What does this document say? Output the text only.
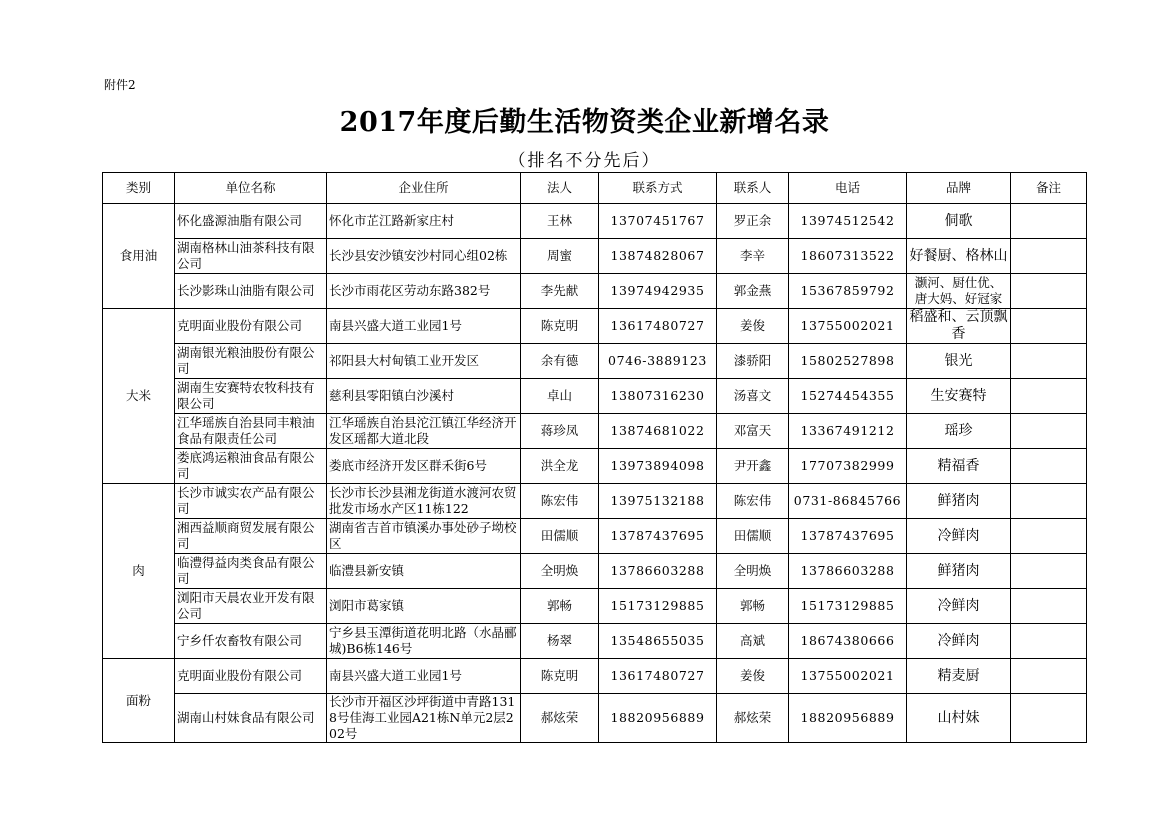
附件2
2017年度后勤生活物资类企业新增名录
（排名不分先后）
类别	单位名称	企业住所	法人	联系方式	联系人	电话	品牌	备注
食用油	怀化盛源油脂有限公司	怀化市芷江路新家庄村	王林	13707451767	罗正余	13974512542	侗歌	
	湖南格林山油茶科技有限公司	长沙县安沙镇安沙村同心组02栋	周蜜	13874828067	李辛	18607313522	好餐厨、格林山	
	长沙影珠山油脂有限公司	长沙市雨花区劳动东路382号	李先献	13974942935	郭金燕	15367859792	灏河、厨仕优、唐大妈、好冠家	
大米	克明面业股份有限公司	南县兴盛大道工业园1号	陈克明	13617480727	姜俊	13755002021	稻盛和、云顶飘香	
	湖南银光粮油股份有限公司	祁阳县大村甸镇工业开发区	余有德	0746-3889123	漆骄阳	15802527898	银光	
	湖南生安赛特农牧科技有限公司	慈利县零阳镇白沙溪村	卓山	13807316230	汤喜文	15274454355	生安赛特	
	江华瑶族自治县同丰粮油食品有限责任公司	江华瑶族自治县沱江镇江华经济开发区瑶都大道北段	蒋珍凤	13874681022	邓富天	13367491212	瑶珍	
	娄底鸿运粮油食品有限公司	娄底市经济开发区群禾街6号	洪全龙	13973894098	尹开鑫	17707382999	精福香	
肉	长沙市诚实农产品有限公司	长沙市长沙县湘龙街道水渡河农贸批发市场水产区11栋122	陈宏伟	13975132188	陈宏伟	0731-86845766	鲜猪肉	
	湘西益顺商贸发展有限公司	湖南省吉首市镇溪办事处砂子坳校区	田儒顺	13787437695	田儒顺	13787437695	冷鲜肉	
	临澧得益肉类食品有限公司	临澧县新安镇	全明焕	13786603288	全明焕	13786603288	鲜猪肉	
	浏阳市天晨农业开发有限公司	浏阳市葛家镇	郭畅	15173129885	郭畅	15173129885	冷鲜肉	
	宁乡仟农畜牧有限公司	宁乡县玉潭街道花明北路（水晶郦城)B6栋146号	杨翠	13548655035	高斌	18674380666	冷鲜肉	
面粉	克明面业股份有限公司	南县兴盛大道工业园1号	陈克明	13617480727	姜俊	13755002021	精麦厨	
	湖南山村妹食品有限公司	长沙市开福区沙坪街道中青路1318号佳海工业园A21栋N单元2层202号	郝炫荣	18820956889	郝炫荣	18820956889	山村妹	
